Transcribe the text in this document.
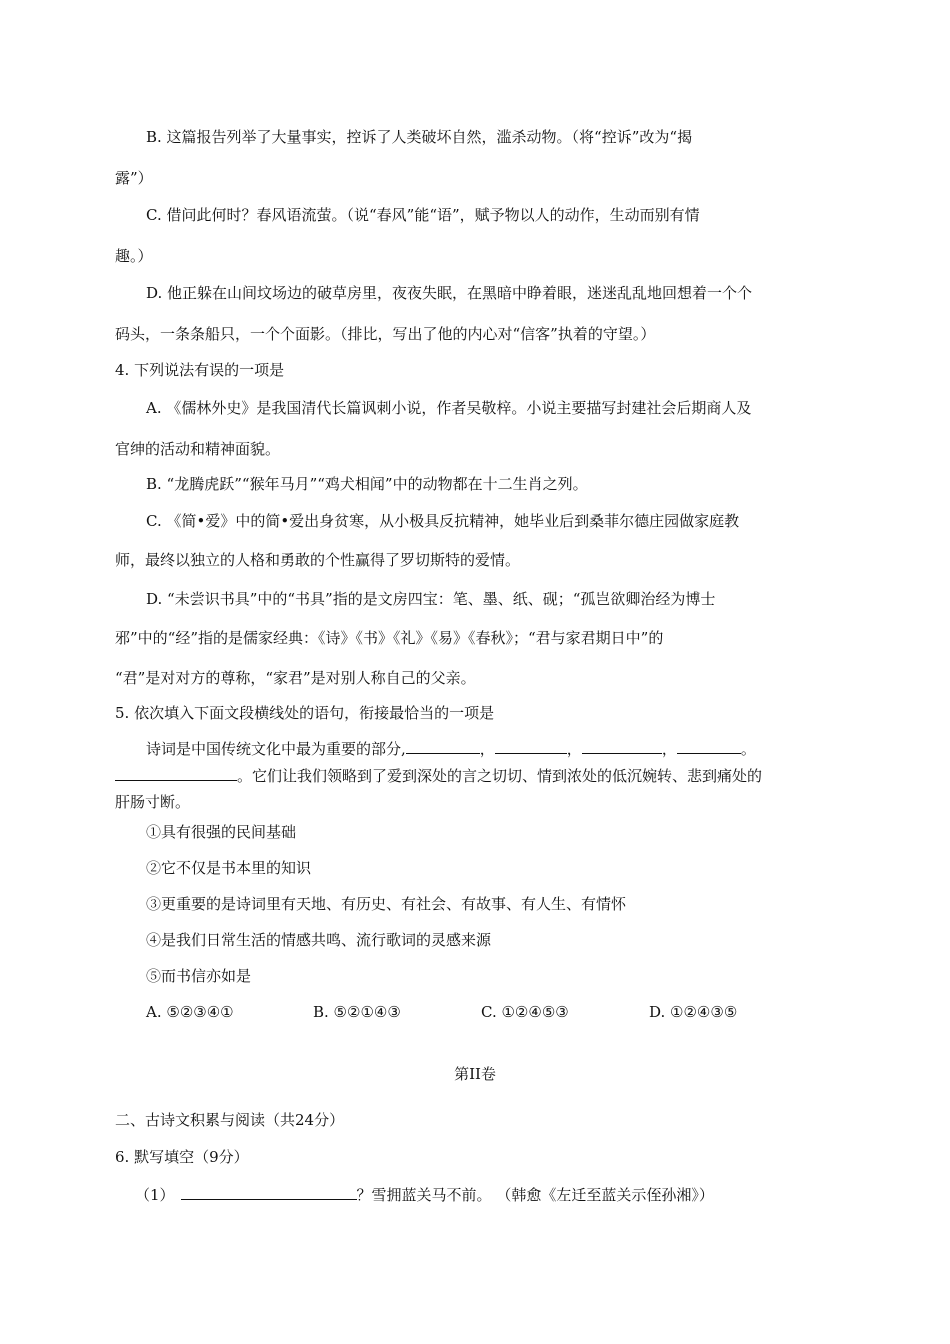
B. 这篇报告列举了大量事实，控诉了人类破坏自然，滥杀动物。（将“控诉”改为“揭
露”）
C. 借问此何时？春风语流萤。（说“春风”能“语”，赋予物以人的动作，生动而别有情
趣。）
D. 他正躲在山间坟场边的破草房里，夜夜失眠，在黑暗中睁着眼，迷迷乱乱地回想着一个个
码头，一条条船只，一个个面影。（排比，写出了他的内心对“信客”执着的守望。）
4. 下列说法有误的一项是
A. 《儒林外史》是我国清代长篇讽刺小说，作者吴敬梓。小说主要描写封建社会后期商人及
官绅的活动和精神面貌。
B. “龙腾虎跃”“猴年马月”“鸡犬相闻”中的动物都在十二生肖之列。
C. 《简•爱》中的简•爱出身贫寒，从小极具反抗精神，她毕业后到桑菲尔德庄园做家庭教
师，最终以独立的人格和勇敢的个性赢得了罗切斯特的爱情。
D. “未尝识书具”中的“书具”指的是文房四宝：笔、墨、纸、砚；“孤岂欲卿治经为博士
邪”中的“经”指的是儒家经典：《诗》《书》《礼》《易》《春秋》；“君与家君期日中”的
“君”是对对方的尊称，“家君”是对别人称自己的父亲。
5. 依次填入下面文段横线处的语句，衔接最恰当的一项是
诗词是中国传统文化中最为重要的部分,	，	，	，	。
。它们让我们领略到了爱到深处的言之切切、情到浓处的低沉婉转、悲到痛处的
肝肠寸断。
①具有很强的民间基础
②它不仅是书本里的知识
③更重要的是诗词里有天地、有历史、有社会、有故事、有人生、有情怀
④是我们日常生活的情感共鸣、流行歌词的灵感来源
⑤而书信亦如是
A. ⑤②③④①	B. ⑤②①④③	C. ①②④⑤③	D. ①②④③⑤
第II卷
二、古诗文积累与阅读（共24分）
6. 默写填空（9分）
（1）	？雪拥蓝关马不前。 （韩愈《左迁至蓝关示侄孙湘》）
